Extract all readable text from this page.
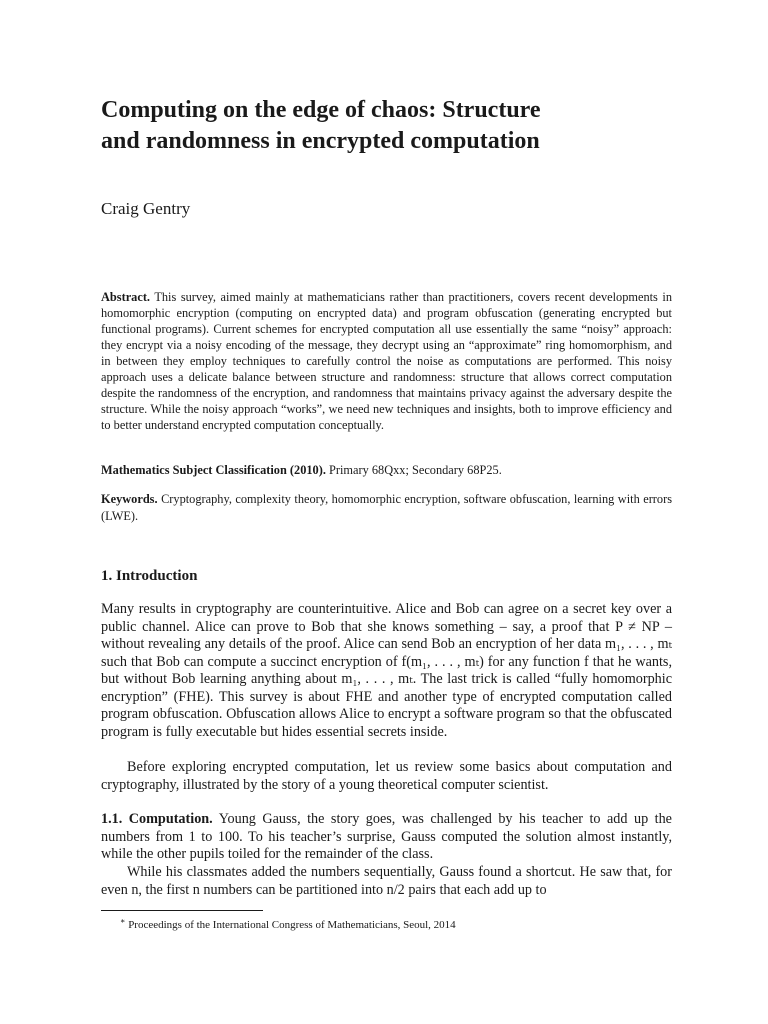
Computing on the edge of chaos: Structure
and randomness in encrypted computation
Craig Gentry

Abstract. This survey, aimed mainly at mathematicians rather than practitioners, covers recent developments in homomorphic encryption (computing on encrypted data) and program obfuscation (generating encrypted but functional programs). Current schemes for encrypted computation all use essentially the same “noisy” approach: they encrypt via a noisy encoding of the message, they decrypt using an “approximate” ring homomorphism, and in between they employ techniques to carefully control the noise as computations are performed. This noisy approach uses a delicate balance between structure and randomness: structure that allows correct computation despite the randomness of the encryption, and randomness that maintains privacy against the adversary despite the structure. While the noisy approach “works”, we need new techniques and insights, both to improve efficiency and to better understand encrypted computation conceptually.

Mathematics Subject Classification (2010). Primary 68Qxx; Secondary 68P25.

Keywords. Cryptography, complexity theory, homomorphic encryption, software obfuscation, learning with errors (LWE).

1. Introduction

Many results in cryptography are counterintuitive. Alice and Bob can agree on a secret key over a public channel. Alice can prove to Bob that she knows something – say, a proof that P ≠ NP – without revealing any details of the proof. Alice can send Bob an encryption of her data m₁, . . . , mₜ such that Bob can compute a succinct encryption of f(m₁, . . . , mₜ) for any function f that he wants, but without Bob learning anything about m₁, . . . , mₜ. The last trick is called “fully homomorphic encryption” (FHE). This survey is about FHE and another type of encrypted computation called program obfuscation. Obfuscation allows Alice to encrypt a software program so that the obfuscated program is fully executable but hides essential secrets inside.

Before exploring encrypted computation, let us review some basics about computation and cryptography, illustrated by the story of a young theoretical computer scientist.

1.1. Computation. Young Gauss, the story goes, was challenged by his teacher to add up the numbers from 1 to 100. To his teacher’s surprise, Gauss computed the solution almost instantly, while the other pupils toiled for the remainder of the class.

While his classmates added the numbers sequentially, Gauss found a shortcut. He saw that, for even n, the first n numbers can be partitioned into n/2 pairs that each add up to

∗ Proceedings of the International Congress of Mathematicians, Seoul, 2014
